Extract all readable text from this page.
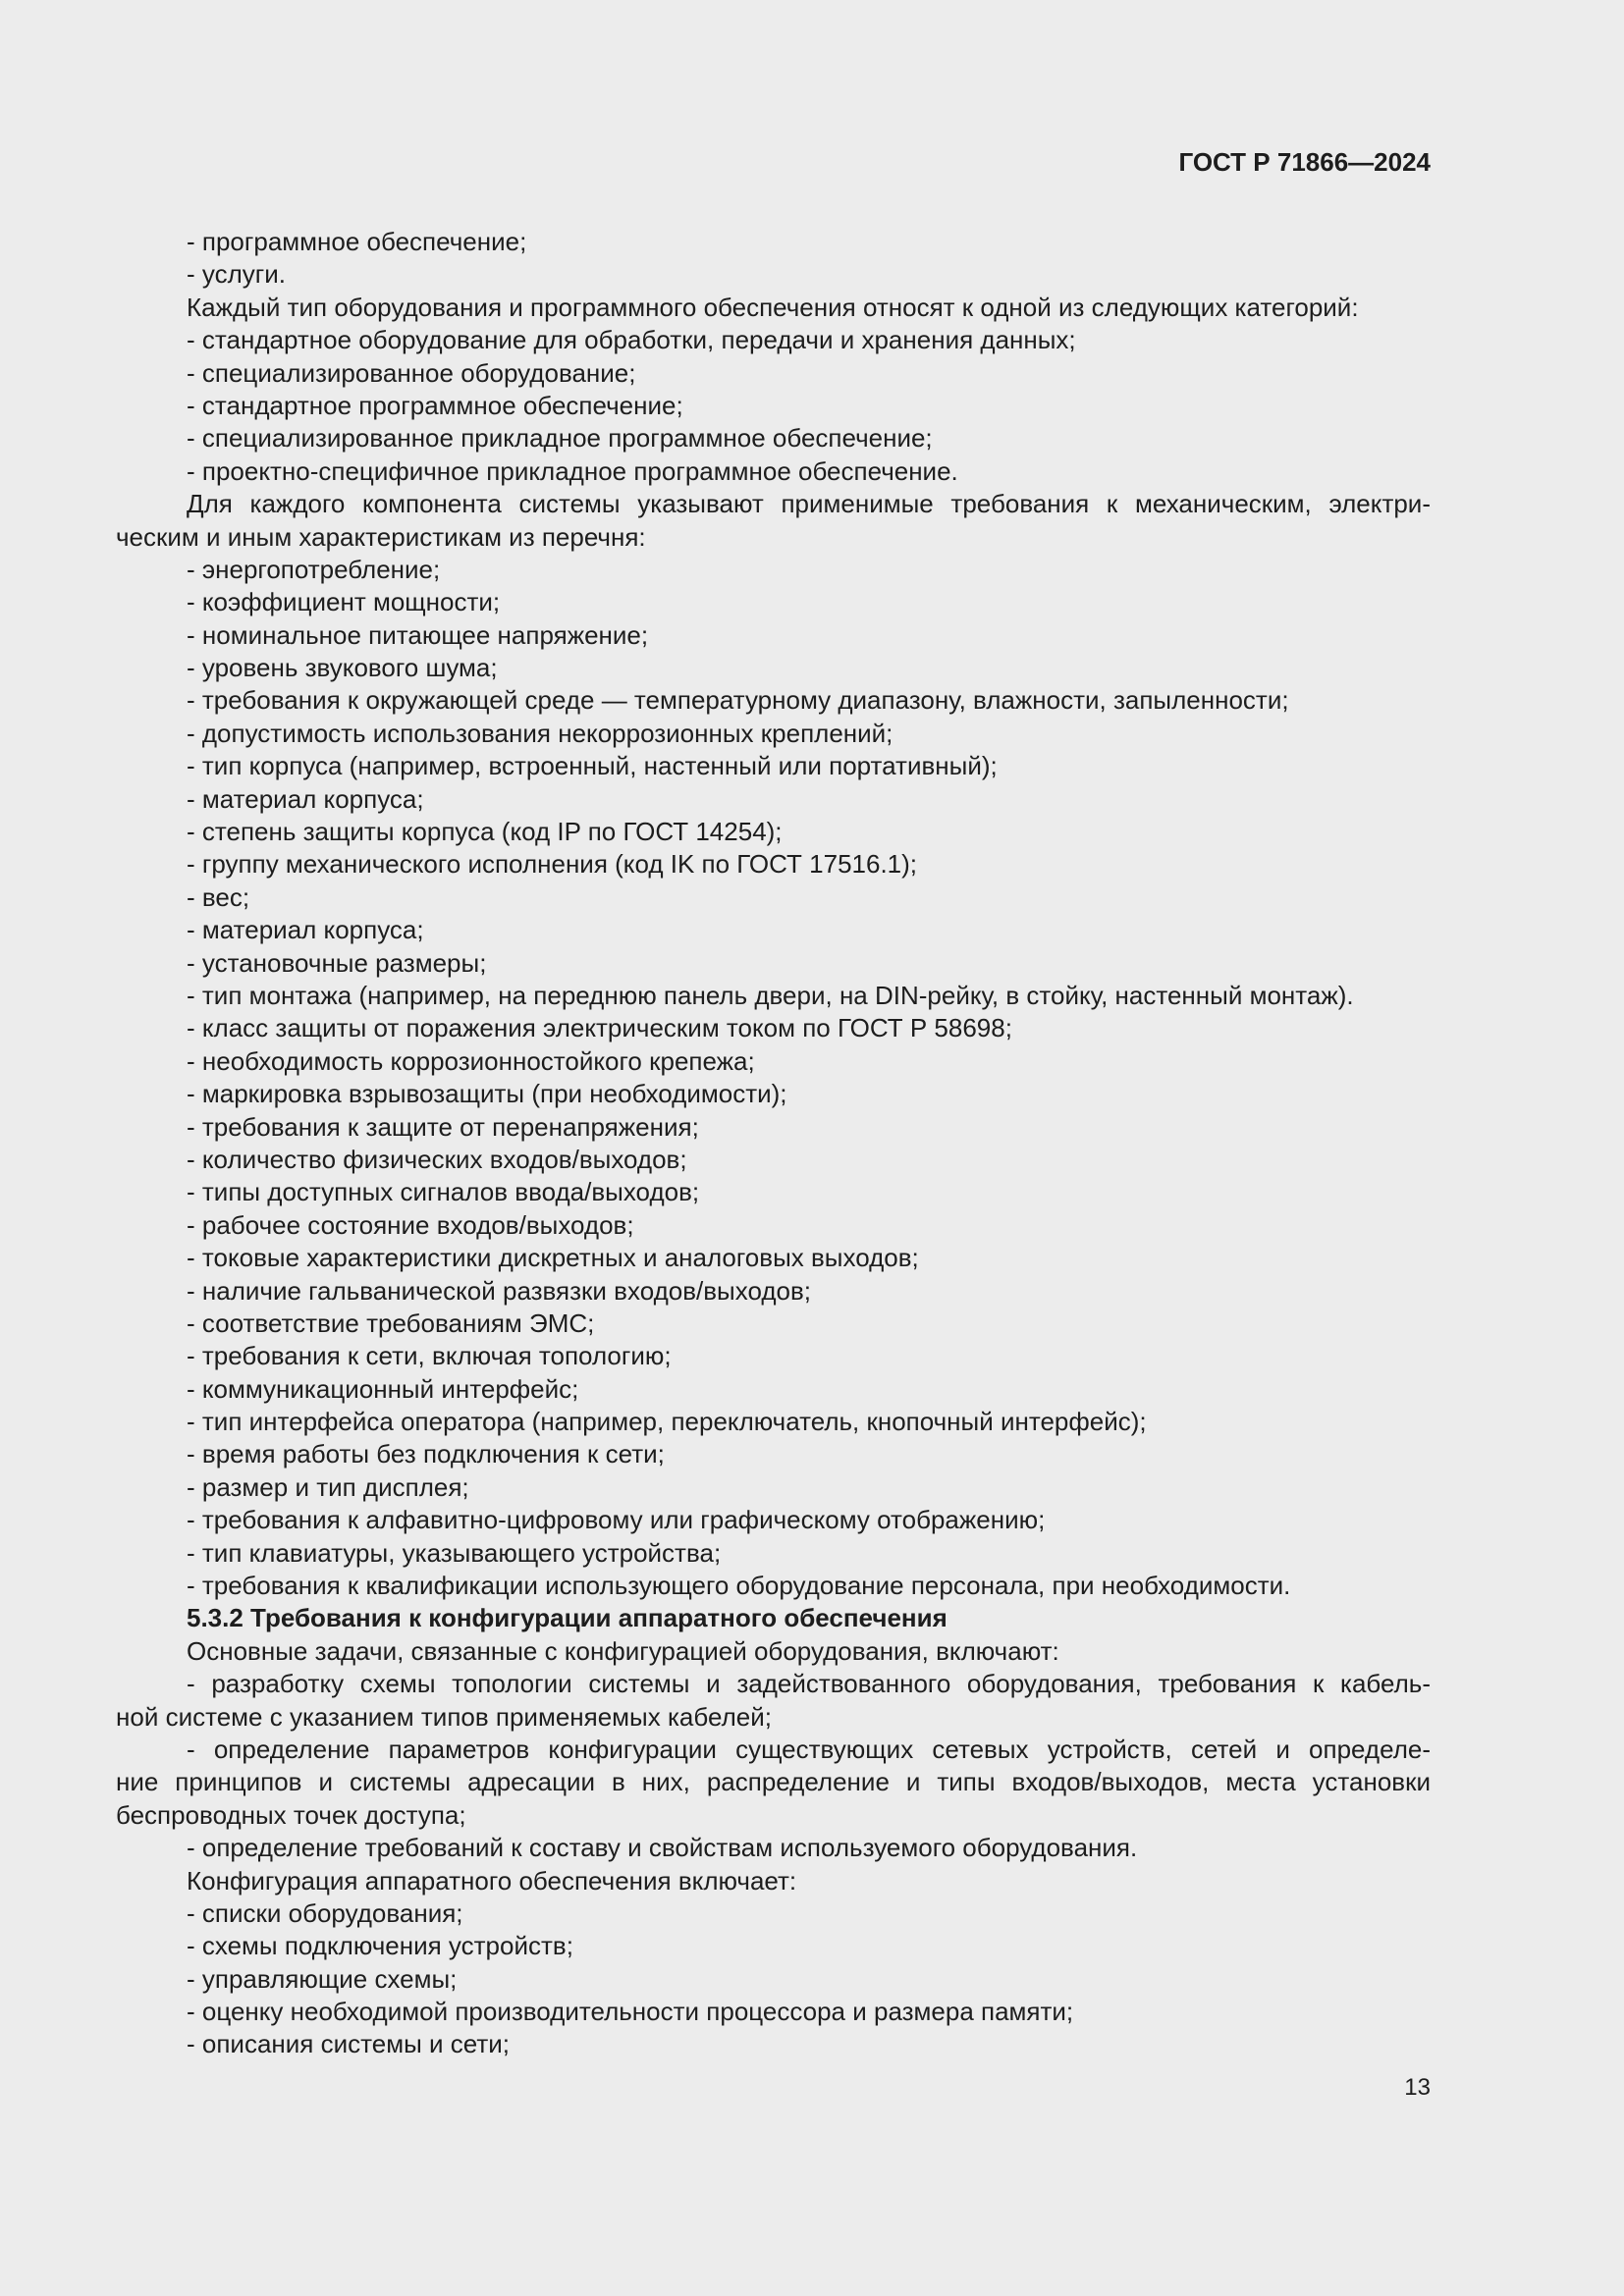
ГОСТ Р 71866—2024
- программное обеспечение;
- услуги.
Каждый тип оборудования и программного обеспечения относят к одной из следующих категорий:
- стандартное оборудование для обработки, передачи и хранения данных;
- специализированное оборудование;
- стандартное программное обеспечение;
- специализированное прикладное программное обеспечение;
- проектно-специфичное прикладное программное обеспечение.
Для каждого компонента системы указывают применимые требования к механическим, электри-
ческим и иным характеристикам из перечня:
- энергопотребление;
- коэффициент мощности;
- номинальное питающее напряжение;
- уровень звукового шума;
- требования к окружающей среде — температурному диапазону, влажности, запыленности;
- допустимость использования некоррозионных креплений;
- тип корпуса (например, встроенный, настенный или портативный);
- материал корпуса;
- степень защиты корпуса (код IP по ГОСТ 14254);
- группу механического исполнения (код IK по ГОСТ 17516.1);
- вес;
- материал корпуса;
- установочные размеры;
- тип монтажа (например, на переднюю панель двери, на DIN-рейку, в стойку, настенный монтаж).
- класс защиты от поражения электрическим током по ГОСТ Р 58698;
- необходимость коррозионностойкого крепежа;
- маркировка взрывозащиты (при необходимости);
- требования к защите от перенапряжения;
- количество физических входов/выходов;
- типы доступных сигналов ввода/выходов;
- рабочее состояние входов/выходов;
- токовые характеристики дискретных и аналоговых выходов;
- наличие гальванической развязки входов/выходов;
- соответствие требованиям ЭМС;
- требования к сети, включая топологию;
- коммуникационный интерфейс;
- тип интерфейса оператора (например, переключатель, кнопочный интерфейс);
- время работы без подключения к сети;
- размер и тип дисплея;
- требования к алфавитно-цифровому или графическому отображению;
- тип клавиатуры, указывающего устройства;
- требования к квалификации использующего оборудование персонала, при необходимости.
5.3.2 Требования к конфигурации аппаратного обеспечения
Основные задачи, связанные с конфигурацией оборудования, включают:
- разработку схемы топологии системы и задействованного оборудования, требования к кабель-
ной системе с указанием типов применяемых кабелей;
- определение параметров конфигурации существующих сетевых устройств, сетей и определе-
ние принципов и системы адресации в них, распределение и типы входов/выходов, места установки
беспроводных точек доступа;
- определение требований к составу и свойствам используемого оборудования.
Конфигурация аппаратного обеспечения включает:
- списки оборудования;
- схемы подключения устройств;
- управляющие схемы;
- оценку необходимой производительности процессора и размера памяти;
- описания системы и сети;
13
